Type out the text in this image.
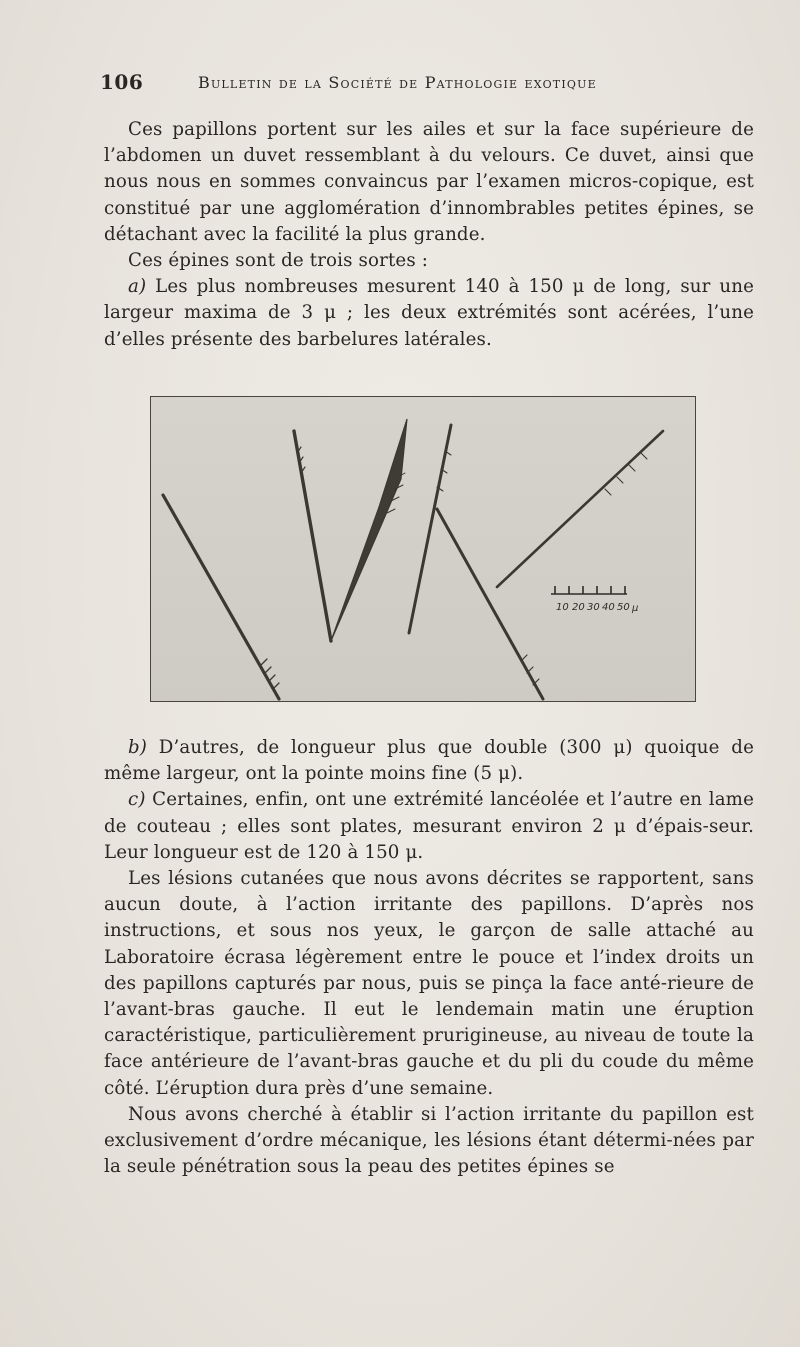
106	Bulletin de la Société de Pathologie exotique

Ces papillons portent sur les ailes et sur la face supérieure de l’abdomen un duvet ressemblant à du velours. Ce duvet, ainsi que nous nous en sommes convaincus par l’examen micros-copique, est constitué par une agglomération d’innombrables petites épines, se détachant avec la facilité la plus grande.

Ces épines sont de trois sortes :

a) Les plus nombreuses mesurent 140 à 150 μ de long, sur une largeur maxima de 3 μ ; les deux extrémités sont acérées, l’une d’elles présente des barbelures latérales.

10 20 30 40 50 μ

b) D’autres, de longueur plus que double (300 μ) quoique de même largeur, ont la pointe moins fine (5 μ).

c) Certaines, enfin, ont une extrémité lancéolée et l’autre en lame de couteau ; elles sont plates, mesurant environ 2 μ d’épais-seur. Leur longueur est de 120 à 150 μ.

Les lésions cutanées que nous avons décrites se rapportent, sans aucun doute, à l’action irritante des papillons. D’après nos instructions, et sous nos yeux, le garçon de salle attaché au Laboratoire écrasa légèrement entre le pouce et l’index droits un des papillons capturés par nous, puis se pinça la face anté-rieure de l’avant-bras gauche. Il eut le lendemain matin une éruption caractéristique, particulièrement prurigineuse, au niveau de toute la face antérieure de l’avant-bras gauche et du pli du coude du même côté. L’éruption dura près d’une semaine.

Nous avons cherché à établir si l’action irritante du papillon est exclusivement d’ordre mécanique, les lésions étant détermi-nées par la seule pénétration sous la peau des petites épines se
